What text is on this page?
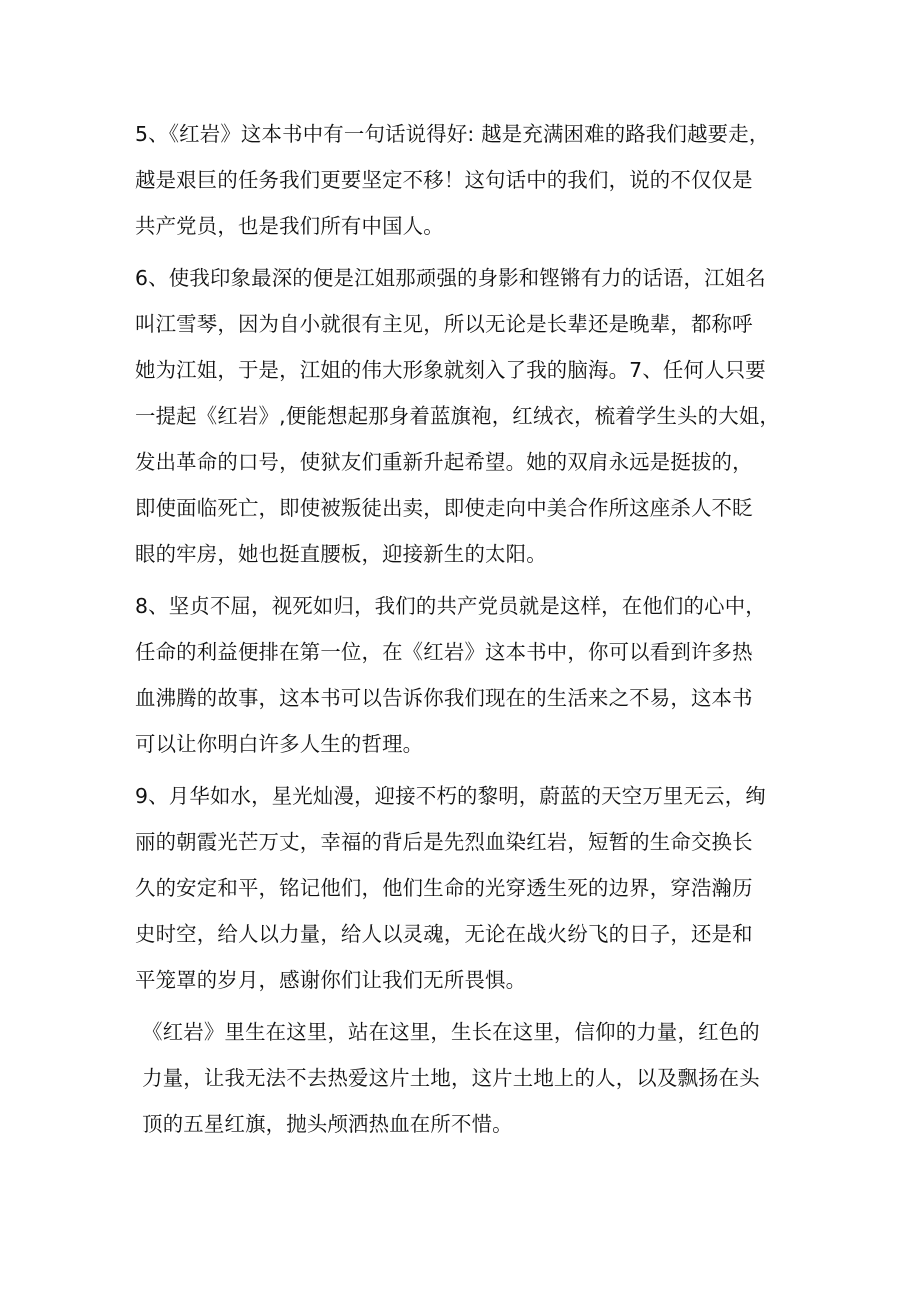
5、《红岩》这本书中有一句话说得好: 越是充满困难的路我们越要走，
越是艰巨的任务我们更要坚定不移！这句话中的我们，说的不仅仅是
共产党员，也是我们所有中国人。

6、使我印象最深的便是江姐那顽强的身影和铿锵有力的话语，江姐名
叫江雪琴，因为自小就很有主见，所以无论是长辈还是晚辈，都称呼
她为江姐，于是，江姐的伟大形象就刻入了我的脑海。7、任何人只要
一提起《红岩》,便能想起那身着蓝旗袍，红绒衣，梳着学生头的大姐，
发出革命的口号，使狱友们重新升起希望。她的双肩永远是挺拔的，
即使面临死亡，即使被叛徒出卖，即使走向中美合作所这座杀人不眨
眼的牢房，她也挺直腰板，迎接新生的太阳。

8、坚贞不屈，视死如归，我们的共产党员就是这样，在他们的心中，
任命的利益便排在第一位，在《红岩》这本书中，你可以看到许多热
血沸腾的故事，这本书可以告诉你我们现在的生活来之不易，这本书
可以让你明白许多人生的哲理。

9、月华如水，星光灿漫，迎接不朽的黎明，蔚蓝的天空万里无云，绚
丽的朝霞光芒万丈，幸福的背后是先烈血染红岩，短暂的生命交换长
久的安定和平，铭记他们，他们生命的光穿透生死的边界，穿浩瀚历
史时空，给人以力量，给人以灵魂，无论在战火纷飞的日子，还是和
平笼罩的岁月，感谢你们让我们无所畏惧。

《红岩》里生在这里，站在这里，生长在这里，信仰的力量，红色的
力量，让我无法不去热爱这片土地，这片土地上的人，以及飘扬在头
顶的五星红旗，抛头颅洒热血在所不惜。
